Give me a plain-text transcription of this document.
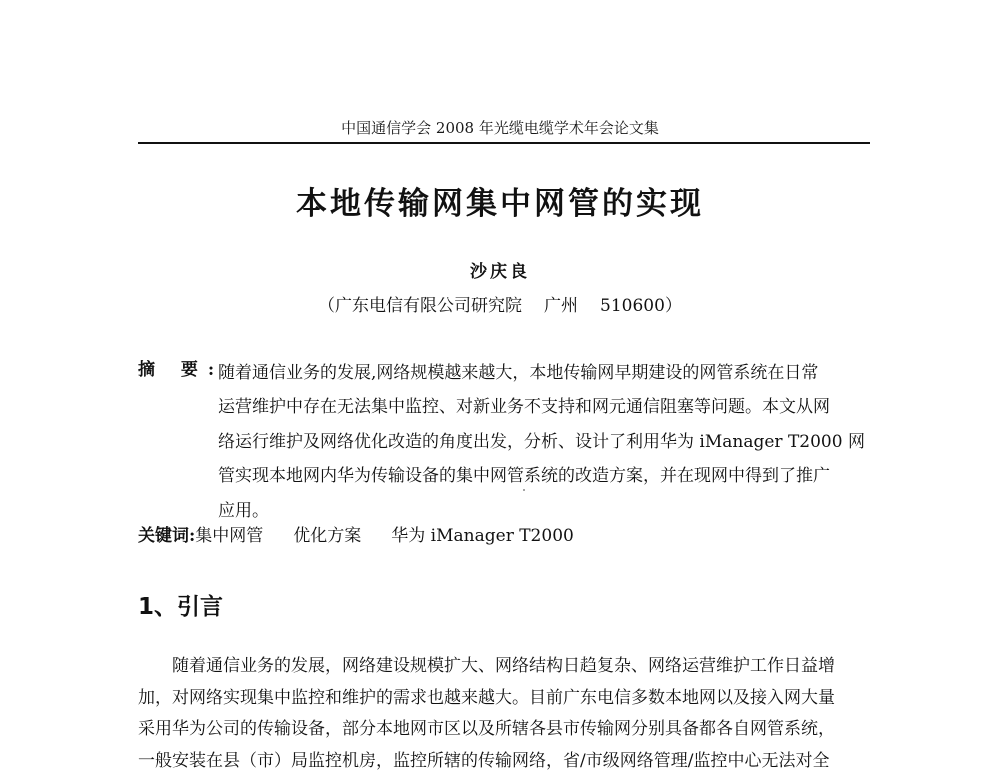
中国通信学会 2008 年光缆电缆学术年会论文集
本地传输网集中网管的实现
沙庆良
（广东电信有限公司研究院 广州 510600）
摘 要:
随着通信业务的发展,网络规模越来越大，本地传输网早期建设的网管系统在日常
运营维护中存在无法集中监控、对新业务不支持和网元通信阻塞等问题。本文从网
络运行维护及网络优化改造的角度出发，分析、设计了利用华为 iManager T2000 网
管实现本地网内华为传输设备的集中网管系统的改造方案，并在现网中得到了推广
应用。
关键词:集中网管 优化方案 华为 iManager T2000
1、引言
随着通信业务的发展，网络建设规模扩大、网络结构日趋复杂、网络运营维护工作日益增
加，对网络实现集中监控和维护的需求也越来越大。目前广东电信多数本地网以及接入网大量
采用华为公司的传输设备，部分本地网市区以及所辖各县市传输网分别具备都各自网管系统，
一般安装在县（市）局监控机房，监控所辖的传输网络，省/市级网络管理/监控中心无法对全
